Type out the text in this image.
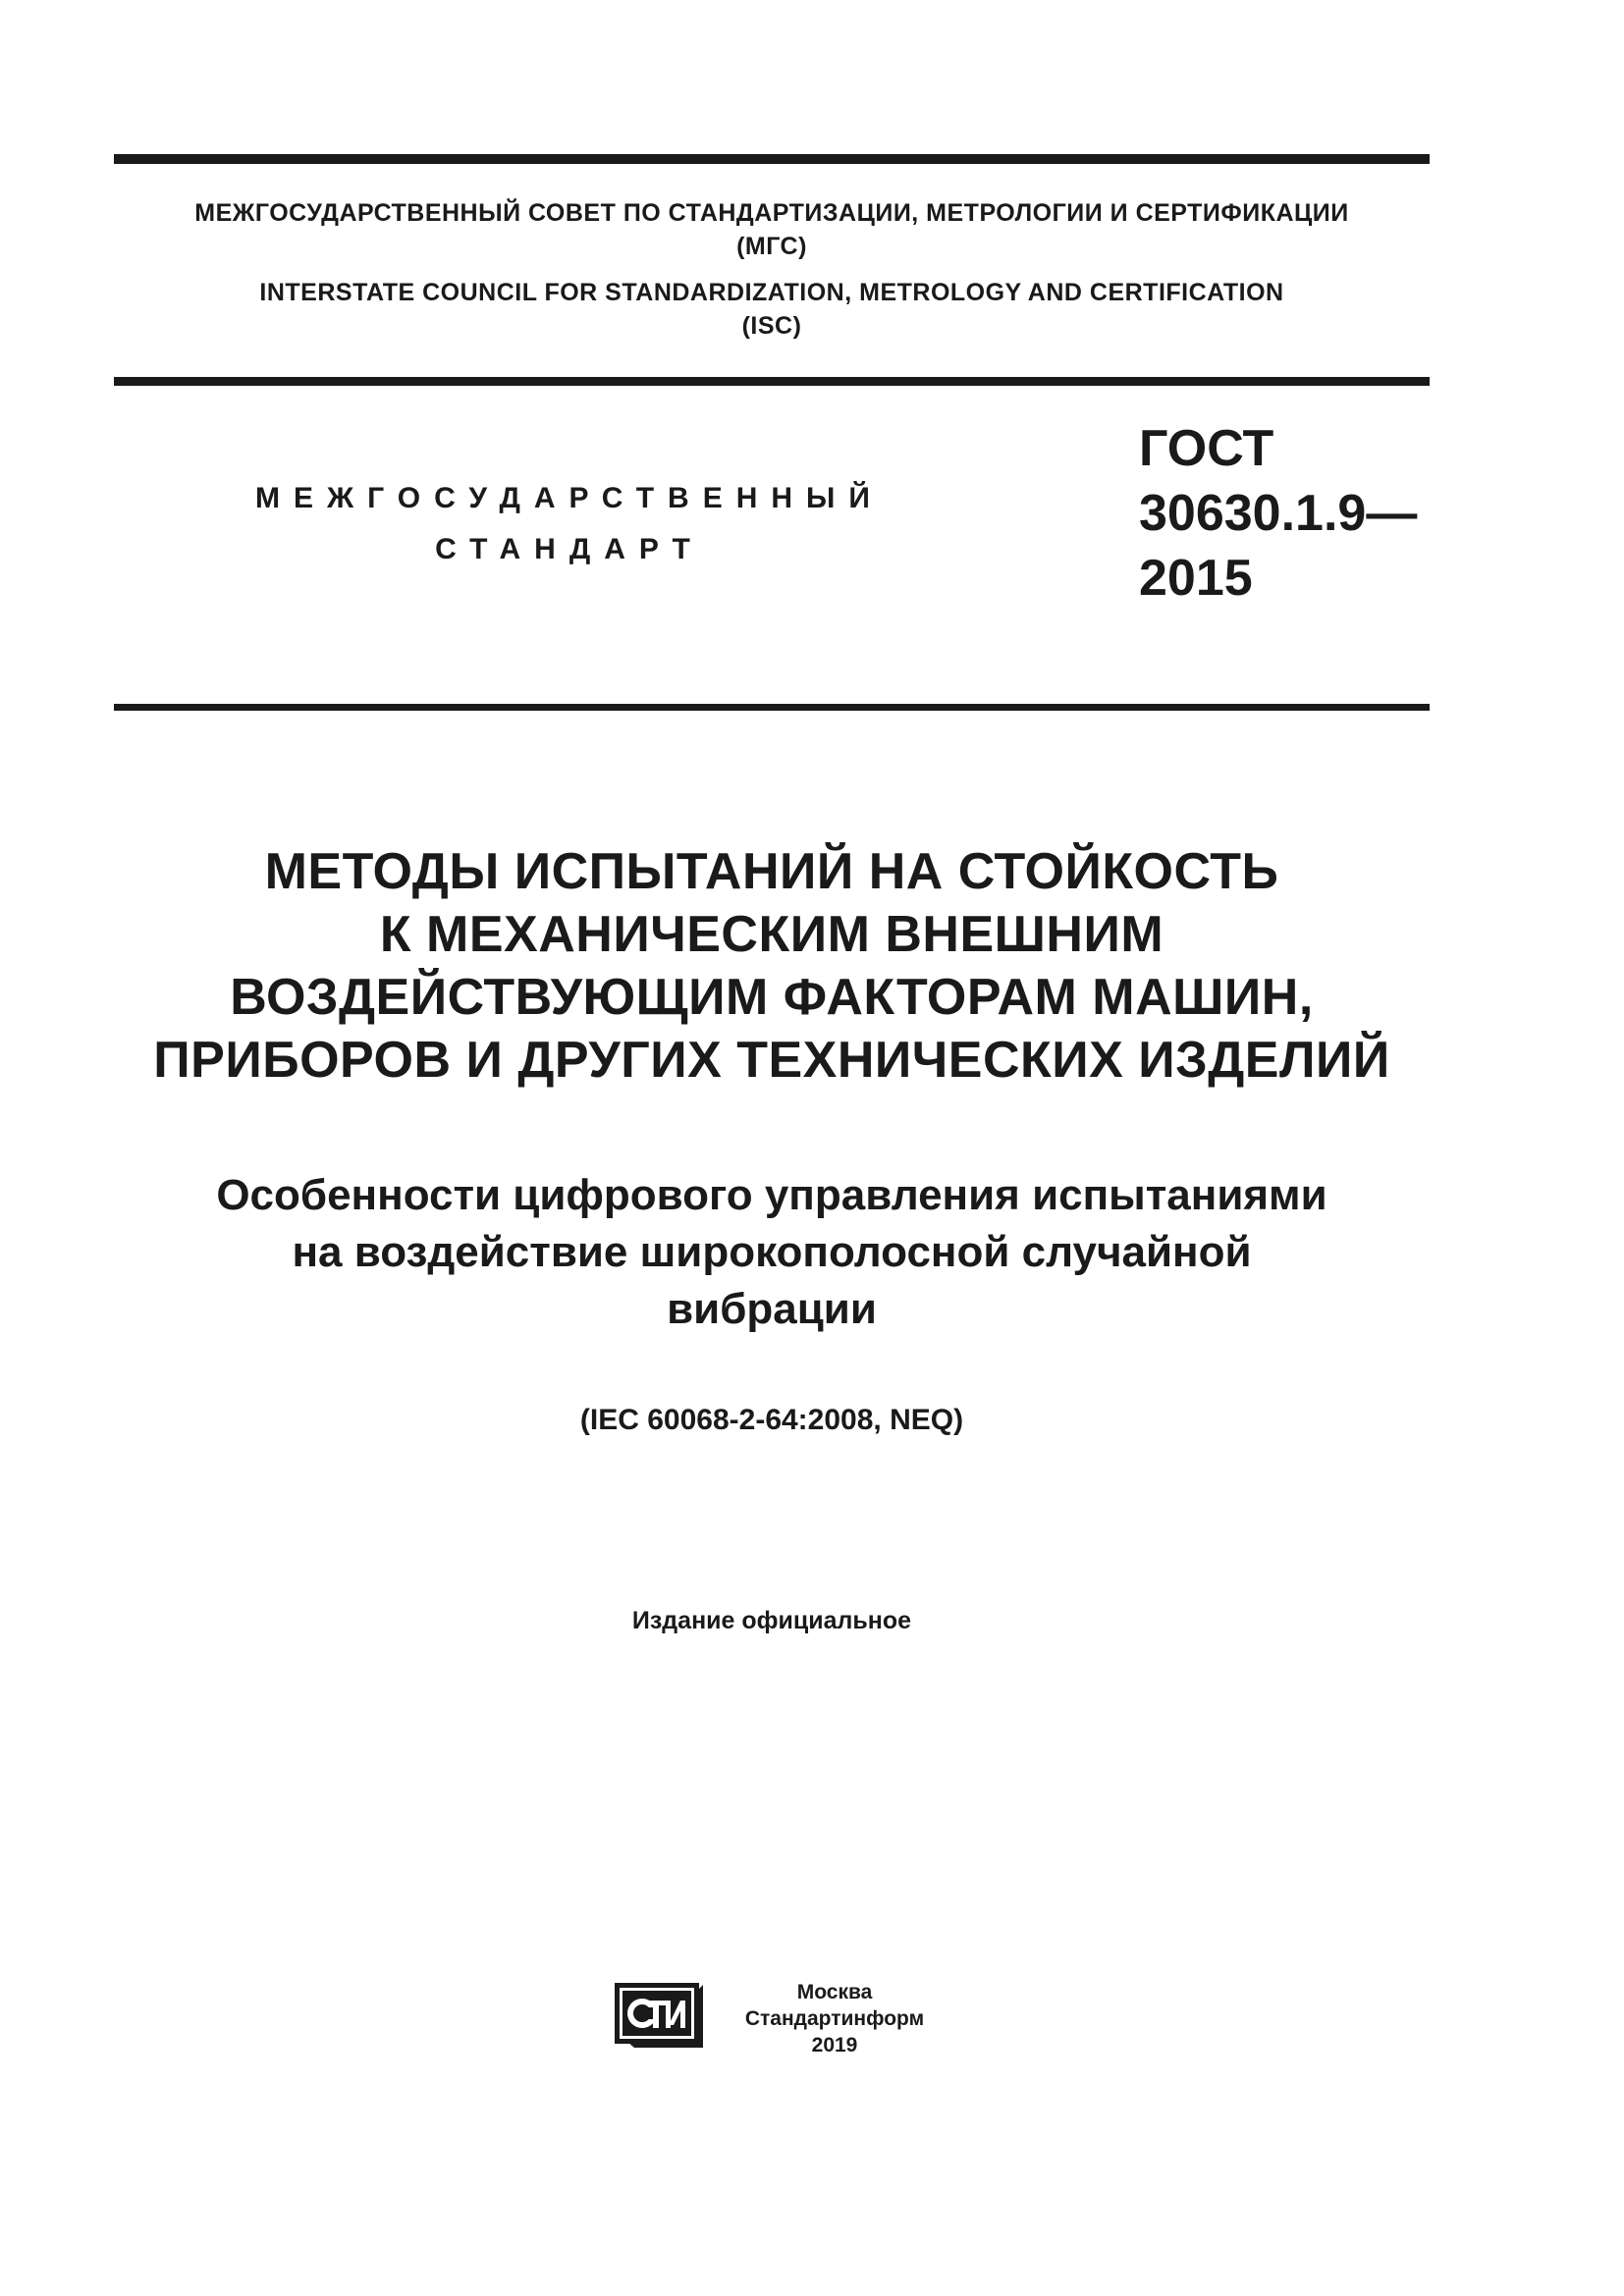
МЕЖГОСУДАРСТВЕННЫЙ СОВЕТ ПО СТАНДАРТИЗАЦИИ, МЕТРОЛОГИИ И СЕРТИФИКАЦИИ
(МГС)
INTERSTATE COUNCIL FOR STANDARDIZATION, METROLOGY AND CERTIFICATION
(ISC)
МЕЖГОСУДАРСТВЕННЫЙ
СТАНДАРТ
ГОСТ
30630.1.9—
2015
МЕТОДЫ ИСПЫТАНИЙ НА СТОЙКОСТЬ
К МЕХАНИЧЕСКИМ ВНЕШНИМ
ВОЗДЕЙСТВУЮЩИМ ФАКТОРАМ МАШИН,
ПРИБОРОВ И ДРУГИХ ТЕХНИЧЕСКИХ ИЗДЕЛИЙ
Особенности цифрового управления испытаниями
на воздействие широкополосной случайной
вибрации
(IEC 60068-2-64:2008, NEQ)
Издание официальное
Москва
Стандартинформ
2019
